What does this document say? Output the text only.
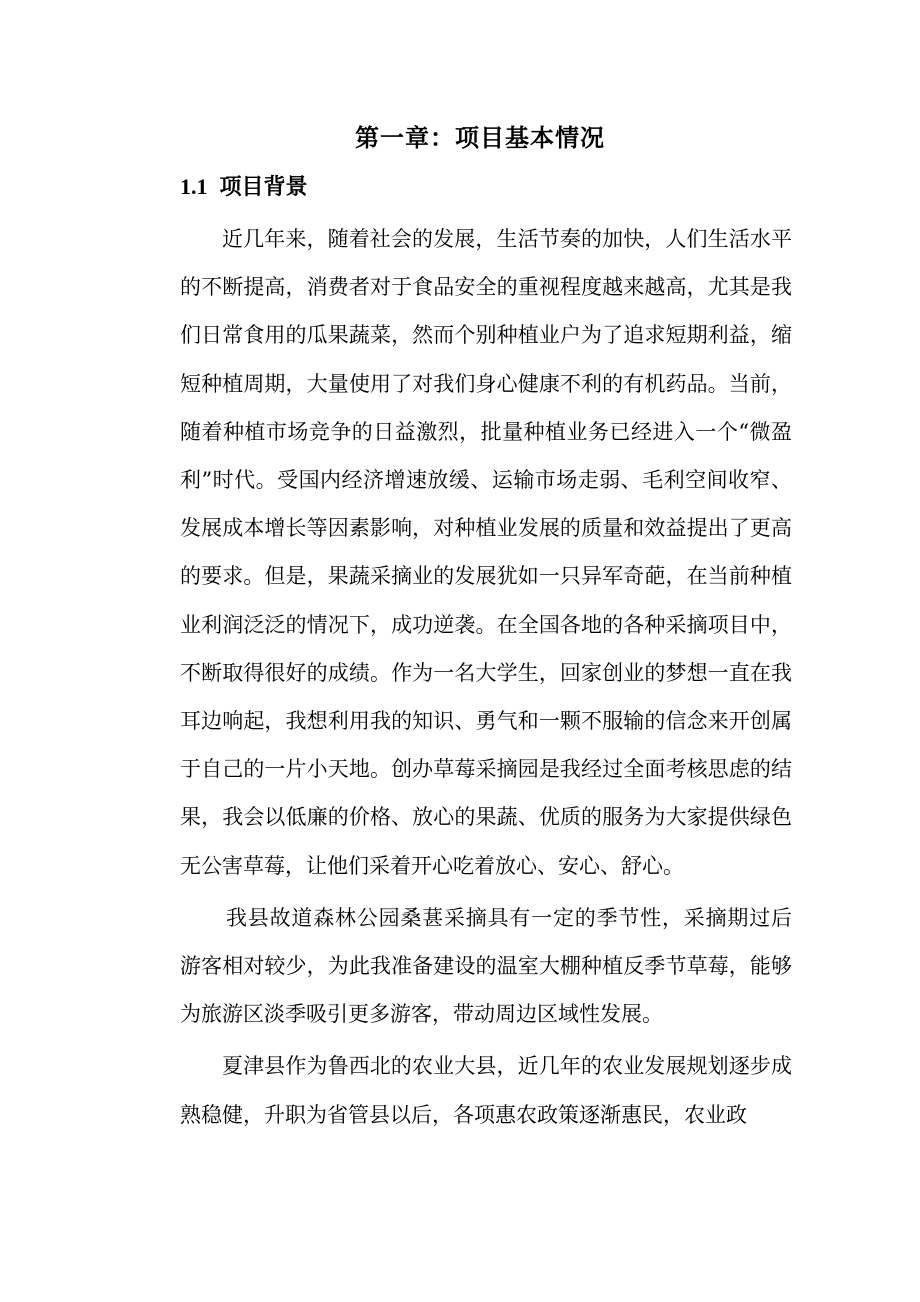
第一章：项目基本情况
1.1 项目背景

近几年来，随着社会的发展，生活节奏的加快，人们生活水平的不断提高，消费者对于食品安全的重视程度越来越高，尤其是我们日常食用的瓜果蔬菜，然而个别种植业户为了追求短期利益，缩短种植周期，大量使用了对我们身心健康不利的有机药品。当前，随着种植市场竞争的日益激烈，批量种植业务已经进入一个“微盈利”时代。受国内经济增速放缓、运输市场走弱、毛利空间收窄、发展成本增长等因素影响，对种植业发展的质量和效益提出了更高的要求。但是，果蔬采摘业的发展犹如一只异军奇葩，在当前种植业利润泛泛的情况下，成功逆袭。在全国各地的各种采摘项目中，不断取得很好的成绩。作为一名大学生，回家创业的梦想一直在我耳边响起，我想利用我的知识、勇气和一颗不服输的信念来开创属于自己的一片小天地。创办草莓采摘园是我经过全面考核思虑的结果，我会以低廉的价格、放心的果蔬、优质的服务为大家提供绿色无公害草莓，让他们采着开心吃着放心、安心、舒心。

我县故道森林公园桑葚采摘具有一定的季节性，采摘期过后游客相对较少，为此我准备建设的温室大棚种植反季节草莓，能够为旅游区淡季吸引更多游客，带动周边区域性发展。

夏津县作为鲁西北的农业大县，近几年的农业发展规划逐步成熟稳健，升职为省管县以后，各项惠农政策逐渐惠民，农业政
